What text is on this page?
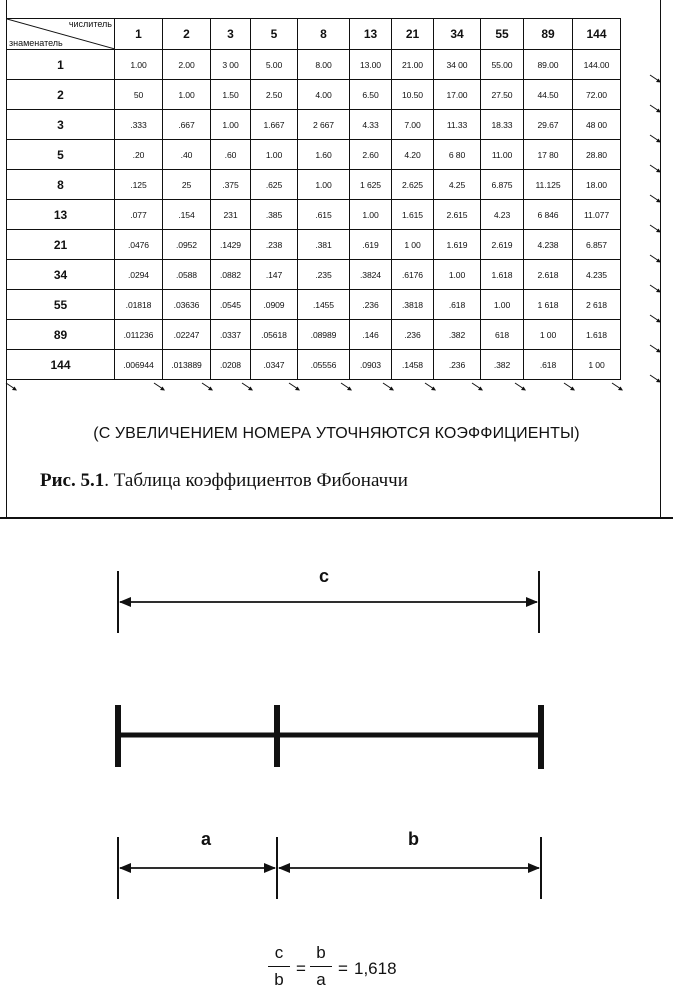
числитель
знаменатель	1	2	3	5	8	13	21	34	55	89	144
1	1.00	2.00	3 00	5.00	8.00	13.00	21.00	34 00	55.00	89.00	144.00
2	50	1.00	1.50	2.50	4.00	6.50	10.50	17.00	27.50	44.50	72.00
3	.333	.667	1.00	1.667	2 667	4.33	7.00	11.33	18.33	29.67	48 00
5	.20	.40	.60	1.00	1.60	2.60	4.20	6 80	11.00	17 80	28.80
8	.125	25	.375	.625	1.00	1 625	2.625	4.25	6.875	11.125	18.00
13	.077	.154	231	.385	.615	1.00	1.615	2.615	4.23	6 846	11.077
21	.0476	.0952	.1429	.238	.381	.619	1 00	1.619	2.619	4.238	6.857
34	.0294	.0588	.0882	.147	.235	.3824	.6176	1.00	1.618	2.618	4.235
55	.01818	.03636	.0545	.0909	.1455	.236	.3818	.618	1.00	1 618	2 618
89	.011236	.02247	.0337	.05618	.08989	.146	.236	.382	618	1 00	1.618
144	.006944	.013889	.0208	.0347	.05556	.0903	.1458	.236	.382	.618	1 00
(С УВЕЛИЧЕНИЕМ НОМЕРА УТОЧНЯЮТСЯ КОЭФФИЦИЕНТЫ)
Рис. 5.1. Таблица коэффициентов Фибоначчи
c
a	b
c
b
=
b
a
= 1,618
